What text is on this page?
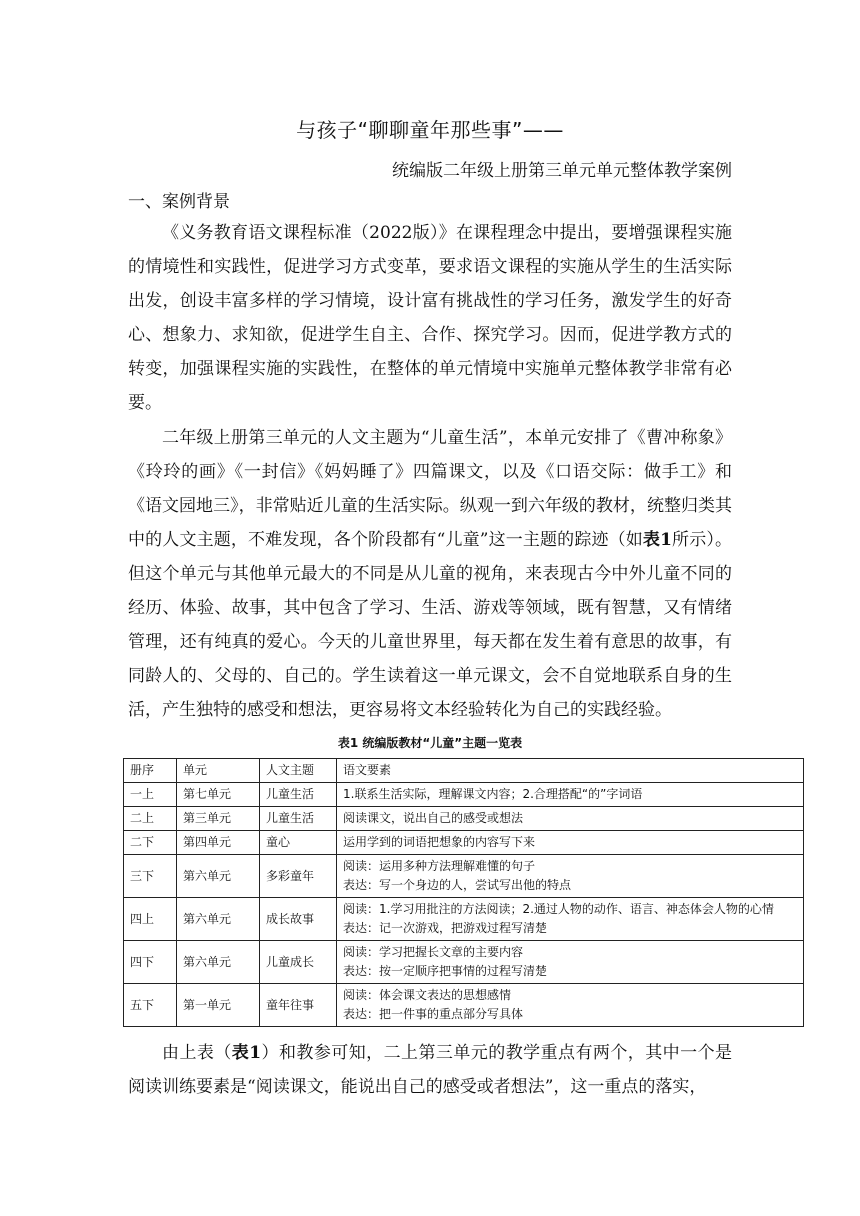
与孩子“聊聊童年那些事”——
统编版二年级上册第三单元单元整体教学案例
一、案例背景

《义务教育语文课程标准（2022版）》在课程理念中提出，要增强课程实施的情境性和实践性，促进学习方式变革，要求语文课程的实施从学生的生活实际出发，创设丰富多样的学习情境，设计富有挑战性的学习任务，激发学生的好奇心、想象力、求知欲，促进学生自主、合作、探究学习。因而，促进学教方式的转变，加强课程实施的实践性，在整体的单元情境中实施单元整体教学非常有必要。

二年级上册第三单元的人文主题为“儿童生活”，本单元安排了《曹冲称象》《玲玲的画》《一封信》《妈妈睡了》四篇课文，以及《口语交际：做手工》和《语文园地三》，非常贴近儿童的生活实际。纵观一到六年级的教材，统整归类其中的人文主题，不难发现，各个阶段都有“儿童”这一主题的踪迹（如表1所示）。但这个单元与其他单元最大的不同是从儿童的视角，来表现古今中外儿童不同的经历、体验、故事，其中包含了学习、生活、游戏等领域，既有智慧，又有情绪管理，还有纯真的爱心。今天的儿童世界里，每天都在发生着有意思的故事，有同龄人的、父母的、自己的。学生读着这一单元课文，会不自觉地联系自身的生活，产生独特的感受和想法，更容易将文本经验转化为自己的实践经验。

表1 统编版教材“儿童”主题一览表
册序	单元	人文主题	语文要素
一上	第七单元	儿童生活	1.联系生活实际，理解课文内容；2.合理搭配“的”字词语
二上	第三单元	儿童生活	阅读课文，说出自己的感受或想法
二下	第四单元	童心	运用学到的词语把想象的内容写下来
三下	第六单元	多彩童年	阅读：运用多种方法理解难懂的句子
表达：写一个身边的人，尝试写出他的特点

四上	第六单元	成长故事	阅读：1.学习用批注的方法阅读；2.通过人物的动作、语言、神态体会人物的心情
表达：记一次游戏，把游戏过程写清楚

四下	第六单元	儿童成长	阅读：学习把握长文章的主要内容
表达：按一定顺序把事情的过程写清楚

五下	第一单元	童年往事	阅读：体会课文表达的思想感情
表达：把一件事的重点部分写具体

由上表（表1）和教参可知，二上第三单元的教学重点有两个，其中一个是阅读训练要素是“阅读课文，能说出自己的感受或者想法”，这一重点的落实，
